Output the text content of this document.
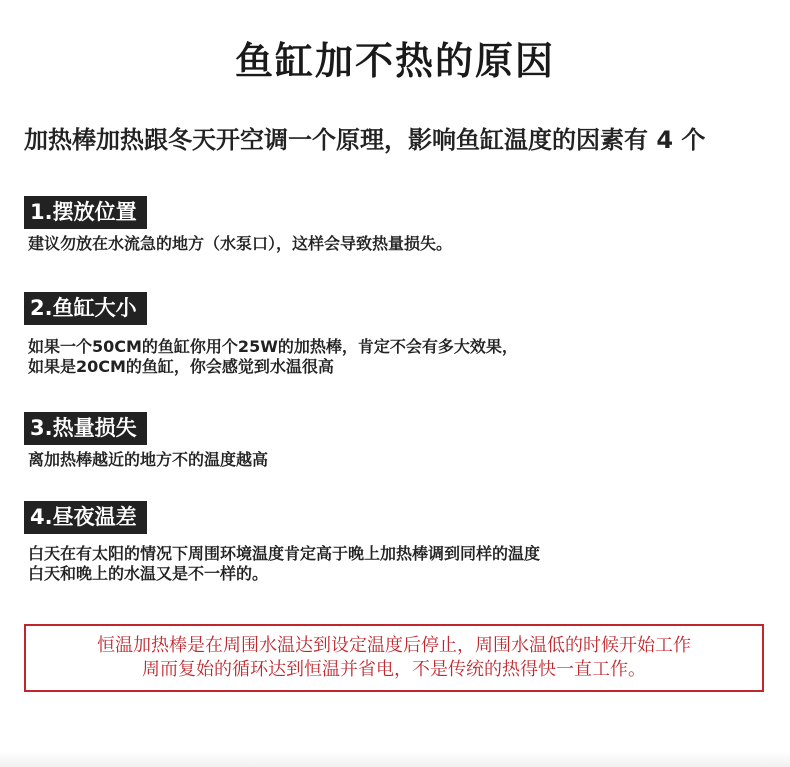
鱼缸加不热的原因
加热棒加热跟冬天开空调一个原理，影响鱼缸温度的因素有 4 个
1.摆放位置
建议勿放在水流急的地方（水泵口），这样会导致热量损失。
2.鱼缸大小
如果一个50CM的鱼缸你用个25W的加热棒，肯定不会有多大效果，
如果是20CM的鱼缸，你会感觉到水温很高
3.热量损失
离加热棒越近的地方不的温度越高
4.昼夜温差
白天在有太阳的情况下周围环境温度肯定高于晚上加热棒调到同样的温度
白天和晚上的水温又是不一样的。
恒温加热棒是在周围水温达到设定温度后停止，周围水温低的时候开始工作
周而复始的循环达到恒温并省电，不是传统的热得快一直工作。
